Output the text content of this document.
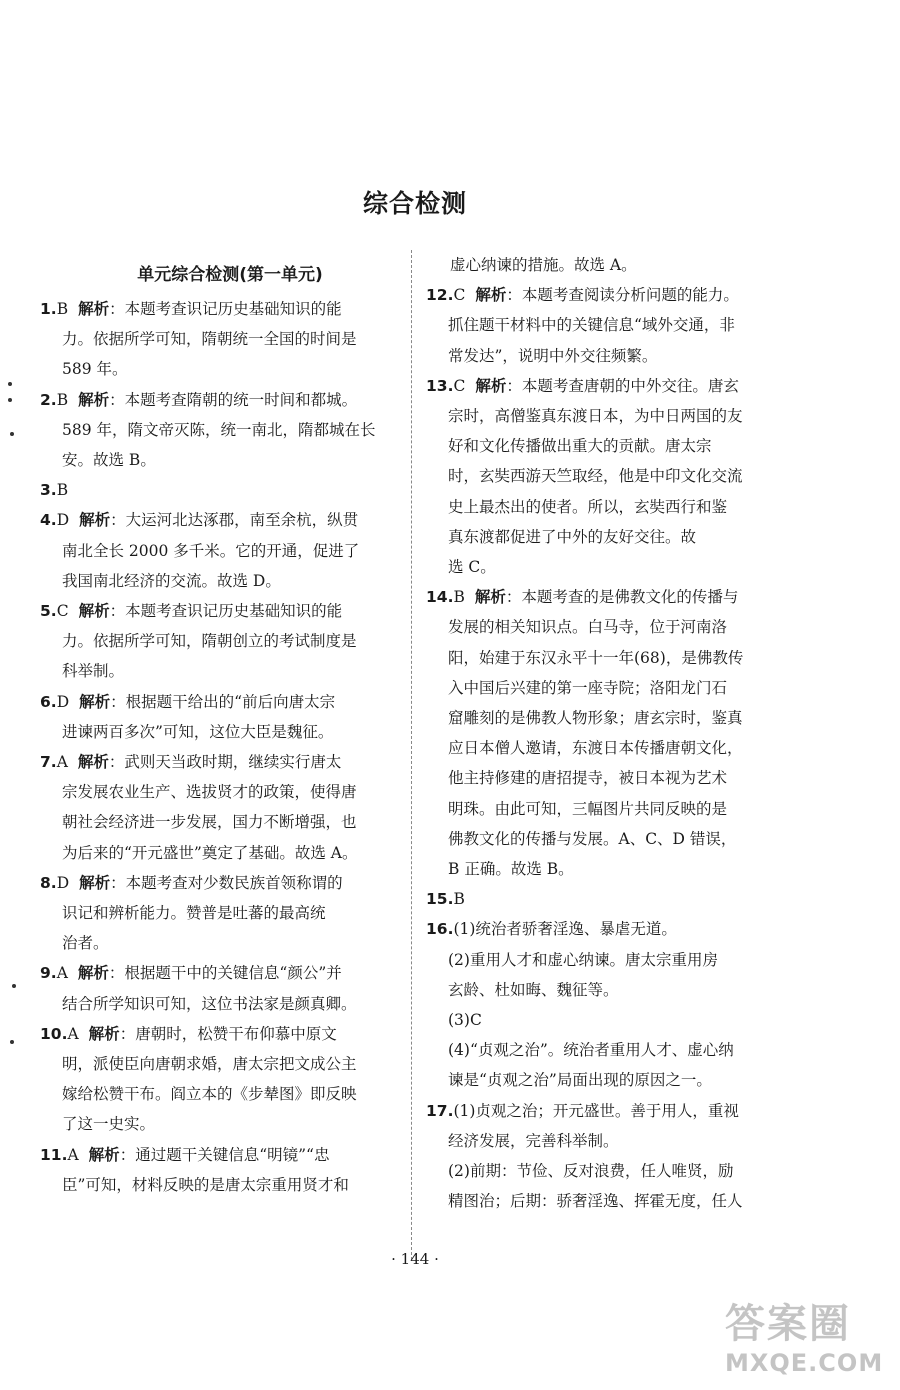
综合检测
单元综合检测(第一单元)
1.B 解析：本题考查识记历史基础知识的能
力。依据所学可知，隋朝统一全国的时间是
589 年。
2.B 解析：本题考查隋朝的统一时间和都城。
589 年，隋文帝灭陈，统一南北，隋都城在长
安。故选 B。
3.B
4.D 解析：大运河北达涿郡，南至余杭，纵贯
南北全长 2000 多千米。它的开通，促进了
我国南北经济的交流。故选 D。
5.C 解析：本题考查识记历史基础知识的能
力。依据所学可知，隋朝创立的考试制度是
科举制。
6.D 解析：根据题干给出的“前后向唐太宗
进谏两百多次”可知，这位大臣是魏征。
7.A 解析：武则天当政时期，继续实行唐太
宗发展农业生产、选拔贤才的政策，使得唐
朝社会经济进一步发展，国力不断增强，也
为后来的“开元盛世”奠定了基础。故选 A。
8.D 解析：本题考查对少数民族首领称谓的
识记和辨析能力。赞普是吐蕃的最高统
治者。
9.A 解析：根据题干中的关键信息“颜公”并
结合所学知识可知，这位书法家是颜真卿。
10.A 解析：唐朝时，松赞干布仰慕中原文
明，派使臣向唐朝求婚，唐太宗把文成公主
嫁给松赞干布。阎立本的《步辇图》即反映
了这一史实。
11.A 解析：通过题干关键信息“明镜”“忠
臣”可知，材料反映的是唐太宗重用贤才和
虚心纳谏的措施。故选 A。
12.C 解析：本题考查阅读分析问题的能力。
抓住题干材料中的关键信息“域外交通，非
常发达”，说明中外交往频繁。
13.C 解析：本题考查唐朝的中外交往。唐玄
宗时，高僧鉴真东渡日本，为中日两国的友
好和文化传播做出重大的贡献。唐太宗
时，玄奘西游天竺取经，他是中印文化交流
史上最杰出的使者。所以，玄奘西行和鉴
真东渡都促进了中外的友好交往。故
选 C。
14.B 解析：本题考查的是佛教文化的传播与
发展的相关知识点。白马寺，位于河南洛
阳，始建于东汉永平十一年(68)，是佛教传
入中国后兴建的第一座寺院；洛阳龙门石
窟雕刻的是佛教人物形象；唐玄宗时，鉴真
应日本僧人邀请，东渡日本传播唐朝文化，
他主持修建的唐招提寺，被日本视为艺术
明珠。由此可知，三幅图片共同反映的是
佛教文化的传播与发展。A、C、D 错误，
B 正确。故选 B。
15.B
16.(1)统治者骄奢淫逸、暴虐无道。
(2)重用人才和虚心纳谏。唐太宗重用房
玄龄、杜如晦、魏征等。
(3)C
(4)“贞观之治”。统治者重用人才、虚心纳
谏是“贞观之治”局面出现的原因之一。
17.(1)贞观之治；开元盛世。善于用人，重视
经济发展，完善科举制。
(2)前期：节俭、反对浪费，任人唯贤，励
精图治；后期：骄奢淫逸、挥霍无度，任人
· 144 ·
答案圈
MXQE.COM
